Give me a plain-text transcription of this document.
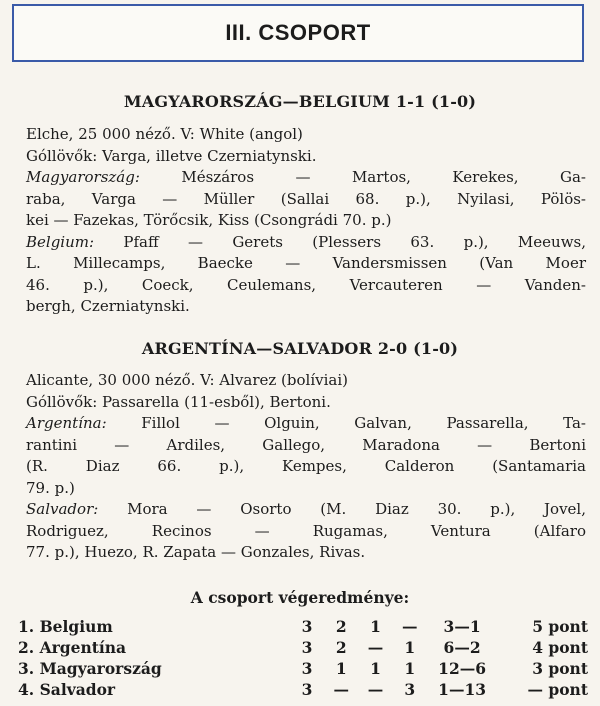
III. CSOPORT
MAGYARORSZÁG—BELGIUM 1-1 (1-0)
Elche, 25 000 néző. V: White (angol)
Góllövők: Varga, illetve Czerniatynski.
Magyarország: Mészáros — Martos, Kerekes, Ga-
raba, Varga — Müller (Sallai 68. p.), Nyilasi, Pölös-
kei — Fazekas, Törőcsik, Kiss (Csongrádi 70. p.)
Belgium: Pfaff — Gerets (Plessers 63. p.), Meeuws,
L. Millecamps, Baecke — Vandersmissen (Van Moer
46. p.), Coeck, Ceulemans, Vercauteren — Vanden-
bergh, Czerniatynski.
ARGENTÍNA—SALVADOR 2-0 (1-0)
Alicante, 30 000 néző. V: Alvarez (bolíviai)
Góllövők: Passarella (11-esből), Bertoni.
Argentína: Fillol — Olguin, Galvan, Passarella, Ta-
rantini — Ardiles, Gallego, Maradona — Bertoni
(R. Diaz 66. p.), Kempes, Calderon (Santamaria
79. p.)
Salvador: Mora — Osorto (M. Diaz 30. p.), Jovel,
Rodriguez, Recinos — Rugamas, Ventura (Alfaro
77. p.), Huezo, R. Zapata — Gonzales, Rivas.
A csoport végeredménye:
1. Belgium	3	2	1	—	3—1	5 pont
2. Argentína	3	2	—	1	6—2	4 pont
3. Magyarország	3	1	1	1	12—6	3 pont
4. Salvador	3	—	—	3	1—13	— pont
